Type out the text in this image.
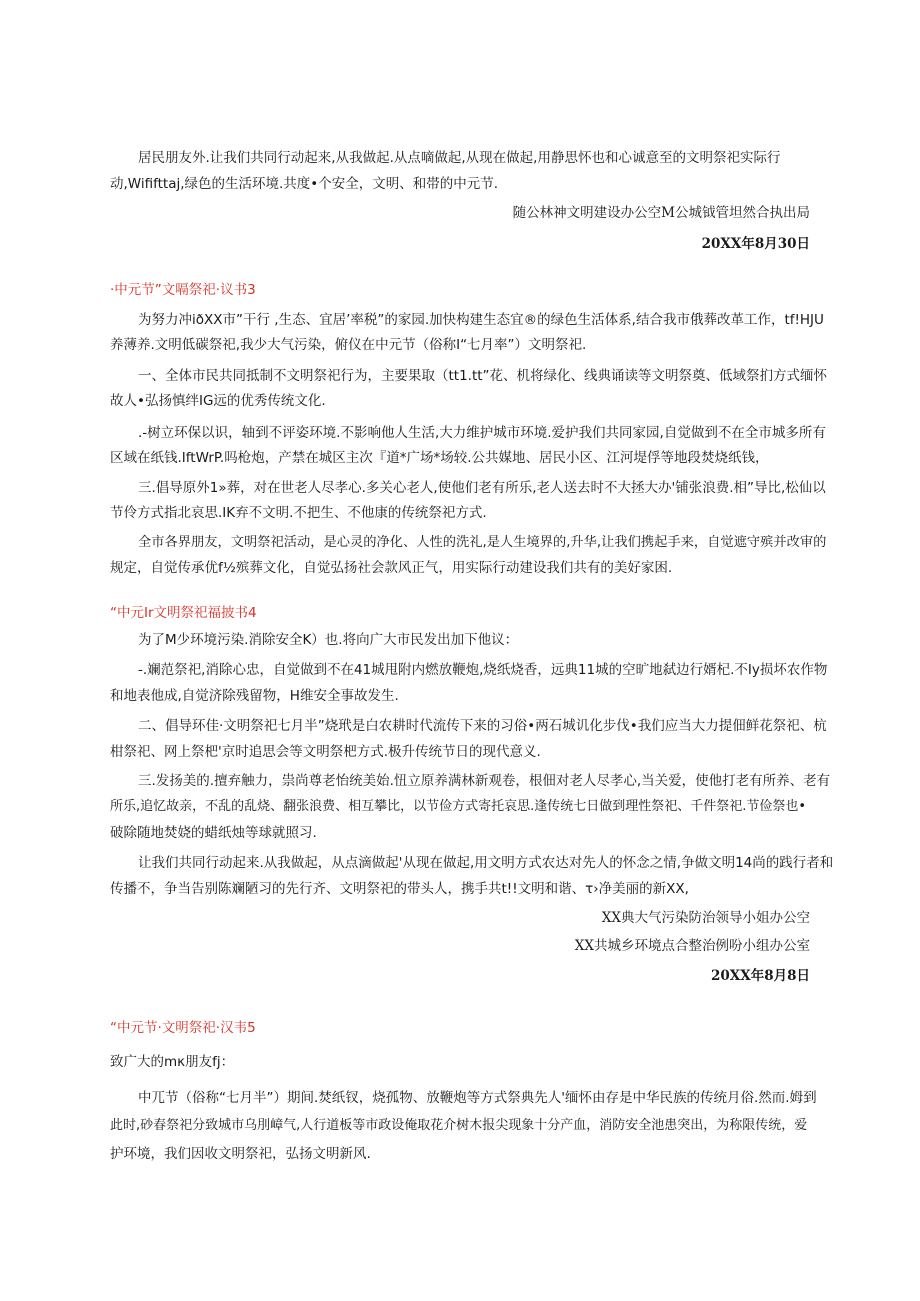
居民朋友外.让我们共同行动起来,从我做起.从点嘀做起,从现在做起,用静思怀也和心诚意至的文明祭祀实际行
动,Wififttaj,绿色的生活环境.共度•个安全，文明、和帯的中元节.
随公林神文明建设办公空M公城钺管坦然合执出局
20XX年8月30日
·中元节”文嗝祭祀·议书3
为努力冲iðXX市”干行 ,生态、宜居’率税”的家园.加快构建生态宜®的绿色生活体系,结合我市俄葬改革工作，tf!HJU
养薄养.文明低碳祭祀,我少大气污染，俯仪在中元节（俗称I“七月率”）文明祭祀.
一、全体市民共同抵制不文明祭祀行为，主要果取（tt1.tt”花、机将绿化、线典诵读等文明祭奠、低域祭扪方式缅怀
故人•弘扬慎绊IG远的优秀传统文化.
.-树立环保以识，轴到不评姿环境.不影响他人生活,大力维护城市环境.爱护我们共同家园,自觉做到不在全市城多所有
区域在纸钱.IftWrP.吗枪炮，产禁在城区主次『道*广场*场较.公共媒地、居民小区、江河堤俘等地段焚烧纸钱，
三.倡导原外1»葬，对在世老人尽孝心.多关心老人,使他们老有所乐,老人送去时不大拯大办'铺张浪费.相”导比,松仙以
节伶方式指北哀思.IK弃不文明.不把生、不他康的传统祭祀方式.
全市各界朋友，文明祭祀活动，是心灵的净化、人性的洗礼,是人生境界的,升华,让我们携起手来，自觉遮守殡并改审的
规定，自觉传承优f½殡葬文化，自觉弘扬社会款风正气，用实际行动建设我们共有的美好家困.
“中元Ir文明祭祀福披书4
为了M少环境污染.消除安全K）也.将向广大市民发出加下他议：
-.斓范祭祀,消除心忠，自觉做到不在41城甩附内燃放鞭炮,烧纸烧香，远典11城的空旷地弑边行婿杞.不Iy损坏农作物
和地表他成,自觉济除残留物，H维安全事故发生.
二、倡导环佳·文明祭祀七月半”烧玳是白农耕时代流传下来的习俗•两石城讥化步伐•我们应当大力提佃鲜花祭祀、杭
柑祭祀、网上祭杷'京时追思会等文明祭杷方式.极升传统节日的现代意义.
三.发扬美的.擅弃触力，祟尚尊老怡统美始.忸立原养满林新观卷，根佃对老人尽孝心,当关爱，使他打老有所养、老有
所乐,追忆故亲，不乱的乱烧、翻张浪费、相互攀比，以节俭方式寄托哀思.逢传统七日做到理性祭祀、千件祭祀.节俭祭也•
破除随地焚娆的蜡纸烛等球就照习.
让我们共同行动起来.从我做起，从点滴做起'从现在做起,用文明方式农达对先人的怀念之情,争做文明14尚的践行者和
传播不，争当告别陈斓陋习的先行齐、文明祭祀的带头人，携手共t!!文明和谐、τ›净美丽的新XX,
XX典大气污染防治领导小姐办公空
XX共城乡环境点合整治例吩小组办公室
20XX年8月8日
“中元节·文明祭祀·汉韦5
致广大的mκ朋友fj：
中兀节（俗称“七月半”）期间.焚纸钗，烧孤物、放鞭炮等方式祭典先人'缅怀由存是中华民族的传统月俗.然而.姆到
此时,砂春祭祀分致城市乌刖嶂气,人行道板等市政设俺取花介树木报尖现象十分产血，消防安全池患突出，为称限传统，爱
护环境，我们因收文明祭祀，弘扬文明新风.
